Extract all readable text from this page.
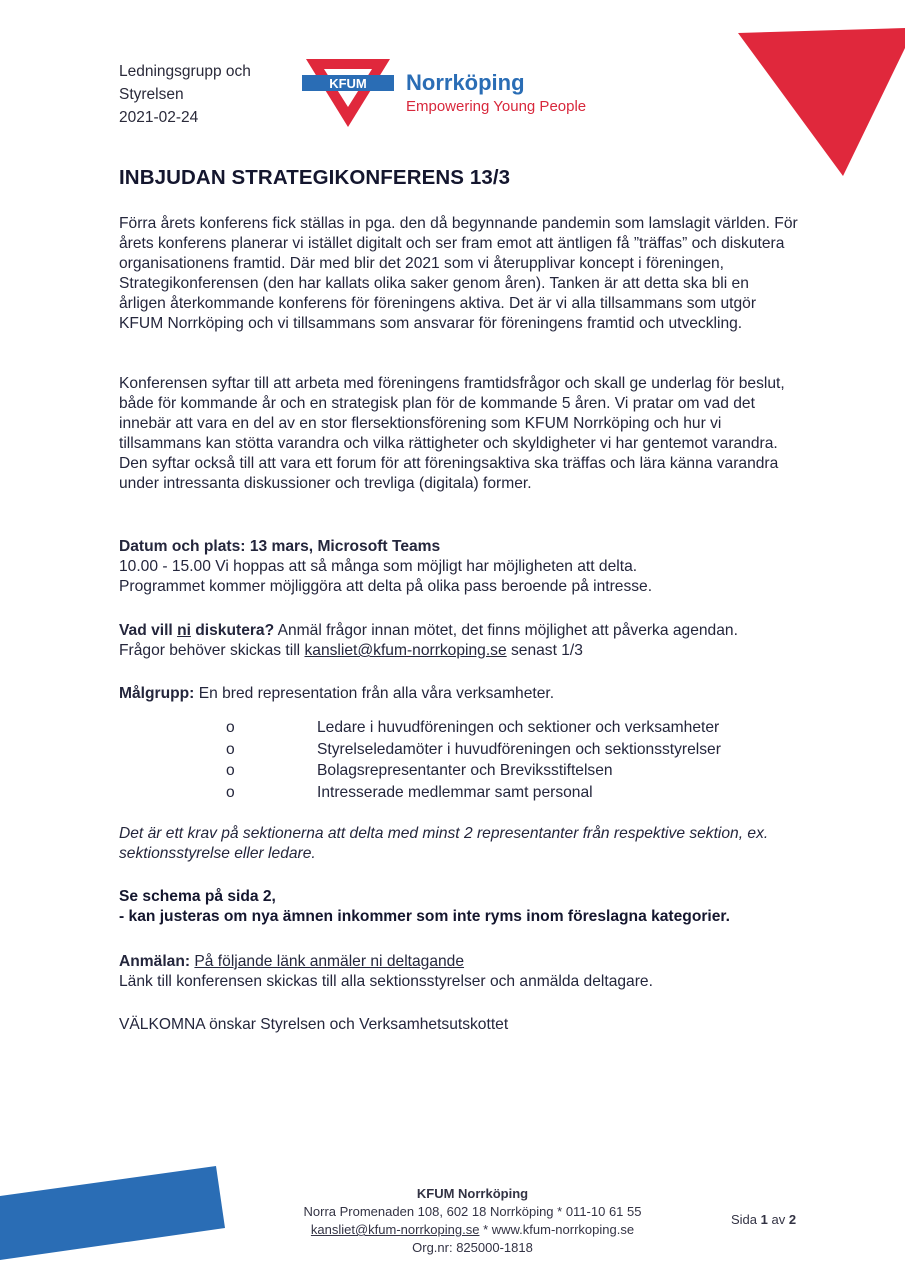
Ledningsgrupp och
Styrelsen
2021-02-24
KFUM Norrköping
Empowering Young People
INBJUDAN STRATEGIKONFERENS 13/3
Förra årets konferens fick ställas in pga. den då begynnande pandemin som lamslagit världen. För årets konferens planerar vi istället digitalt och ser fram emot att äntligen få ”träffas” och diskutera organisationens framtid. Där med blir det 2021 som vi återupplivar koncept i föreningen, Strategikonferensen (den har kallats olika saker genom åren). Tanken är att detta ska bli en årligen återkommande konferens för föreningens aktiva. Det är vi alla tillsammans som utgör KFUM Norrköping och vi tillsammans som ansvarar för föreningens framtid och utveckling.
Konferensen syftar till att arbeta med föreningens framtidsfrågor och skall ge underlag för beslut, både för kommande år och en strategisk plan för de kommande 5 åren. Vi pratar om vad det innebär att vara en del av en stor flersektionsförening som KFUM Norrköping och hur vi tillsammans kan stötta varandra och vilka rättigheter och skyldigheter vi har gentemot varandra. Den syftar också till att vara ett forum för att föreningsaktiva ska träffas och lära känna varandra under intressanta diskussioner och trevliga (digitala) former.
Datum och plats: 13 mars, Microsoft Teams
10.00 - 15.00 Vi hoppas att så många som möjligt har möjligheten att delta.
Programmet kommer möjliggöra att delta på olika pass beroende på intresse.
Vad vill ni diskutera? Anmäl frågor innan mötet, det finns möjlighet att påverka agendan.
Frågor behöver skickas till kansliet@kfum-norrkoping.se senast 1/3
Målgrupp: En bred representation från alla våra verksamheter.
o	Ledare i huvudföreningen och sektioner och verksamheter
o	Styrelseledamöter i huvudföreningen och sektionsstyrelser
o	Bolagsrepresentanter och Breviksstiftelsen
o	Intresserade medlemmar samt personal
Det är ett krav på sektionerna att delta med minst 2 representanter från respektive sektion, ex. sektionsstyrelse eller ledare.
Se schema på sida 2,
- kan justeras om nya ämnen inkommer som inte ryms inom föreslagna kategorier.
Anmälan: På följande länk anmäler ni deltagande
Länk till konferensen skickas till alla sektionsstyrelser och anmälda deltagare.
VÄLKOMNA önskar Styrelsen och Verksamhetsutskottet
KFUM Norrköping
Norra Promenaden 108, 602 18 Norrköping * 011-10 61 55
kansliet@kfum-norrkoping.se * www.kfum-norrkoping.se
Org.nr: 825000-1818
Sida 1 av 2
